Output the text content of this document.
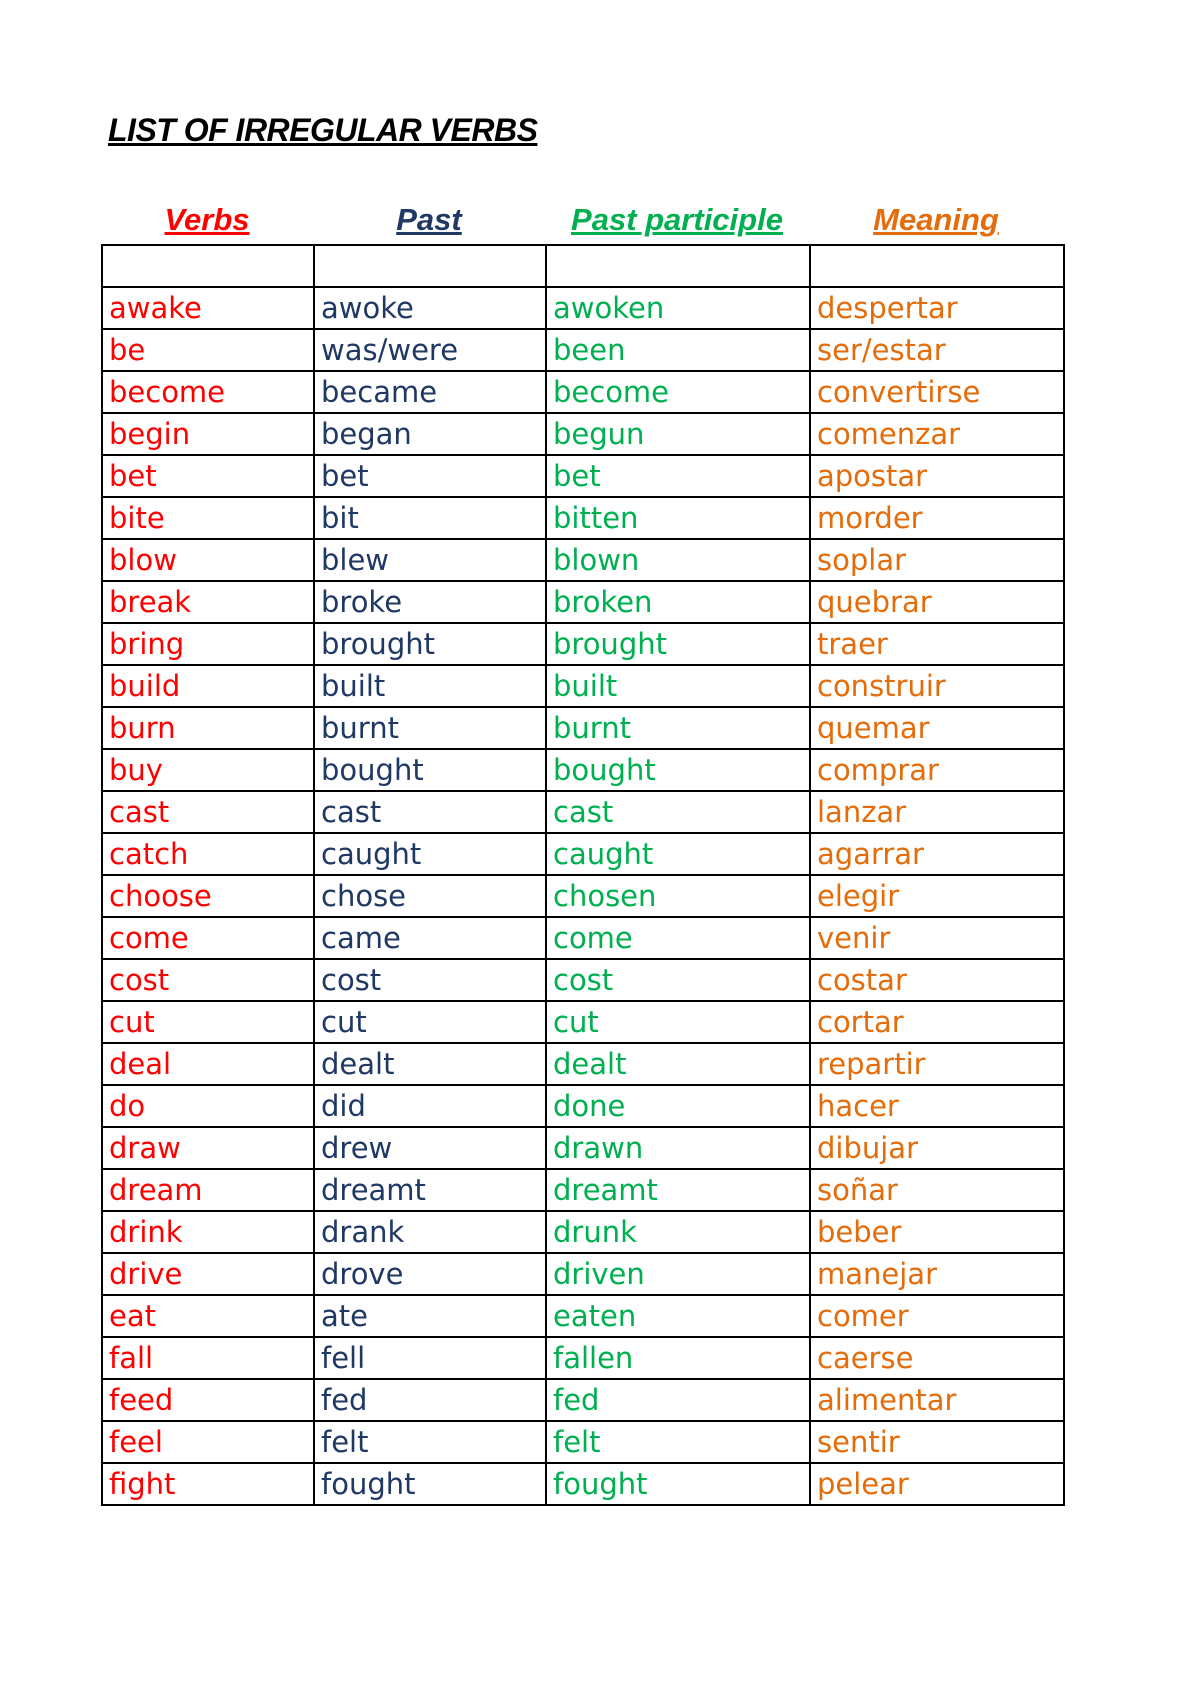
LIST OF IRREGULAR VERBS
Verbs	Past	Past participle	Meaning

awake	awoke	awoken	despertar
be	was/were	been	ser/estar
become	became	become	convertirse
begin	began	begun	comenzar
bet	bet	bet	apostar
bite	bit	bitten	morder
blow	blew	blown	soplar
break	broke	broken	quebrar
bring	brought	brought	traer
build	built	built	construir
burn	burnt	burnt	quemar
buy	bought	bought	comprar
cast	cast	cast	lanzar
catch	caught	caught	agarrar
choose	chose	chosen	elegir
come	came	come	venir
cost	cost	cost	costar
cut	cut	cut	cortar
deal	dealt	dealt	repartir
do	did	done	hacer
draw	drew	drawn	dibujar
dream	dreamt	dreamt	soñar
drink	drank	drunk	beber
drive	drove	driven	manejar
eat	ate	eaten	comer
fall	fell	fallen	caerse
feed	fed	fed	alimentar
feel	felt	felt	sentir
fight	fought	fought	pelear
